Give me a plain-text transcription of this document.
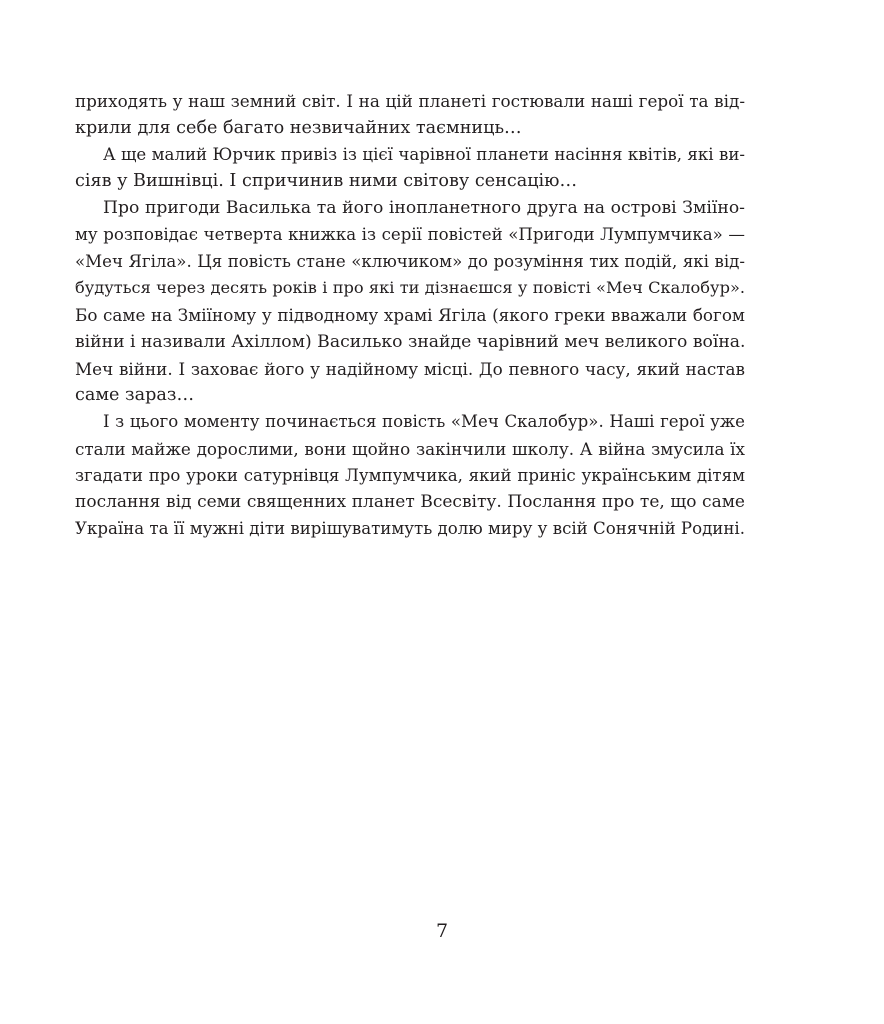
приходять у наш земний світ. І на цій планеті гостювали наші герої та від-
крили для себе багато незвичайних таємниць…
А ще малий Юрчик привіз із цієї чарівної планети насіння квітів, які ви-
сіяв у Вишнівці. І спричинив ними світову сенсацію…
Про пригоди Василька та його інопланетного друга на острові Зміїно-
му розповідає четверта книжка із серії повістей «Пригоди Лумпумчика» —
«Меч Ягіла». Ця повість стане «ключиком» до розуміння тих подій, які від-
будуться через десять років і про які ти дізнаєшся у повісті «Меч Скалобур».
Бо саме на Зміїному у підводному храмі Ягіла (якого греки вважали богом
війни і називали Ахіллом) Василько знайде чарівний меч великого воїна.
Меч війни. І заховає його у надійному місці. До певного часу, який настав
саме зараз…
І з цього моменту починається повість «Меч Скалобур». Наші герої уже
стали майже дорослими, вони щойно закінчили школу. А війна змусила їх
згадати про уроки сатурнівця Лумпумчика, який приніс українським дітям
послання від семи священних планет Всесвіту. Послання про те, що саме
Україна та її мужні діти вирішуватимуть долю миру у всій Сонячній Родині.
7
